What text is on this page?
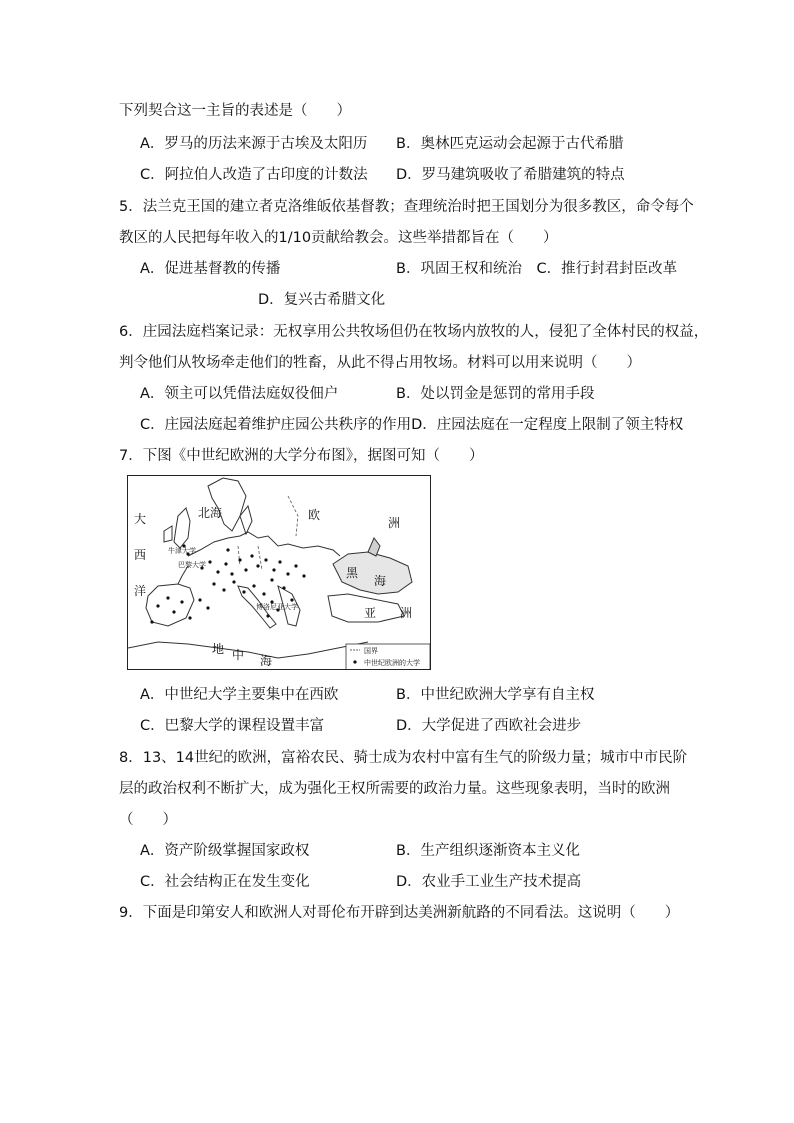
下列契合这一主旨的表述是（　　）
A．罗马的历法来源于古埃及太阳历 B．奥林匹克运动会起源于古代希腊
C．阿拉伯人改造了古印度的计数法 D．罗马建筑吸收了希腊建筑的特点
5．法兰克王国的建立者克洛维皈依基督教；查理统治时把王国划分为很多教区，命令每个
教区的人民把每年收入的1/10贡献给教会。这些举措都旨在（　　）
A．促进基督教的传播	B．巩固王权和统治　C．推行封君封臣改革
D．复兴古希腊文化
6．庄园法庭档案记录：无权享用公共牧场但仍在牧场内放牧的人，侵犯了全体村民的权益，
判令他们从牧场牵走他们的牲畜，从此不得占用牧场。材料可以用来说明（　　）
A．领主可以凭借法庭奴役佃户	B．处以罚金是惩罚的常用手段
C．庄园法庭起着维护庄园公共秩序的作用D．庄园法庭在一定程度上限制了领主特权
7．下图《中世纪欧洲的大学分布图》，据图可知（　　）
大
西
洋
北海	欧
洲
黑
海
亚 洲
地 中 海
牛津大学
巴黎大学
博洛尼亚大学
国界
中世纪欧洲的大学
A．中世纪大学主要集中在西欧	B．中世纪欧洲大学享有自主权
C．巴黎大学的课程设置丰富	D．大学促进了西欧社会进步
8．13、14世纪的欧洲，富裕农民、骑士成为农村中富有生气的阶级力量；城市中市民阶
层的政治权利不断扩大，成为强化王权所需要的政治力量。这些现象表明，当时的欧洲
（　　）
A．资产阶级掌握国家政权	B．生产组织逐渐资本主义化
C．社会结构正在发生变化	D．农业手工业生产技术提高
9．下面是印第安人和欧洲人对哥伦布开辟到达美洲新航路的不同看法。这说明（　　）
